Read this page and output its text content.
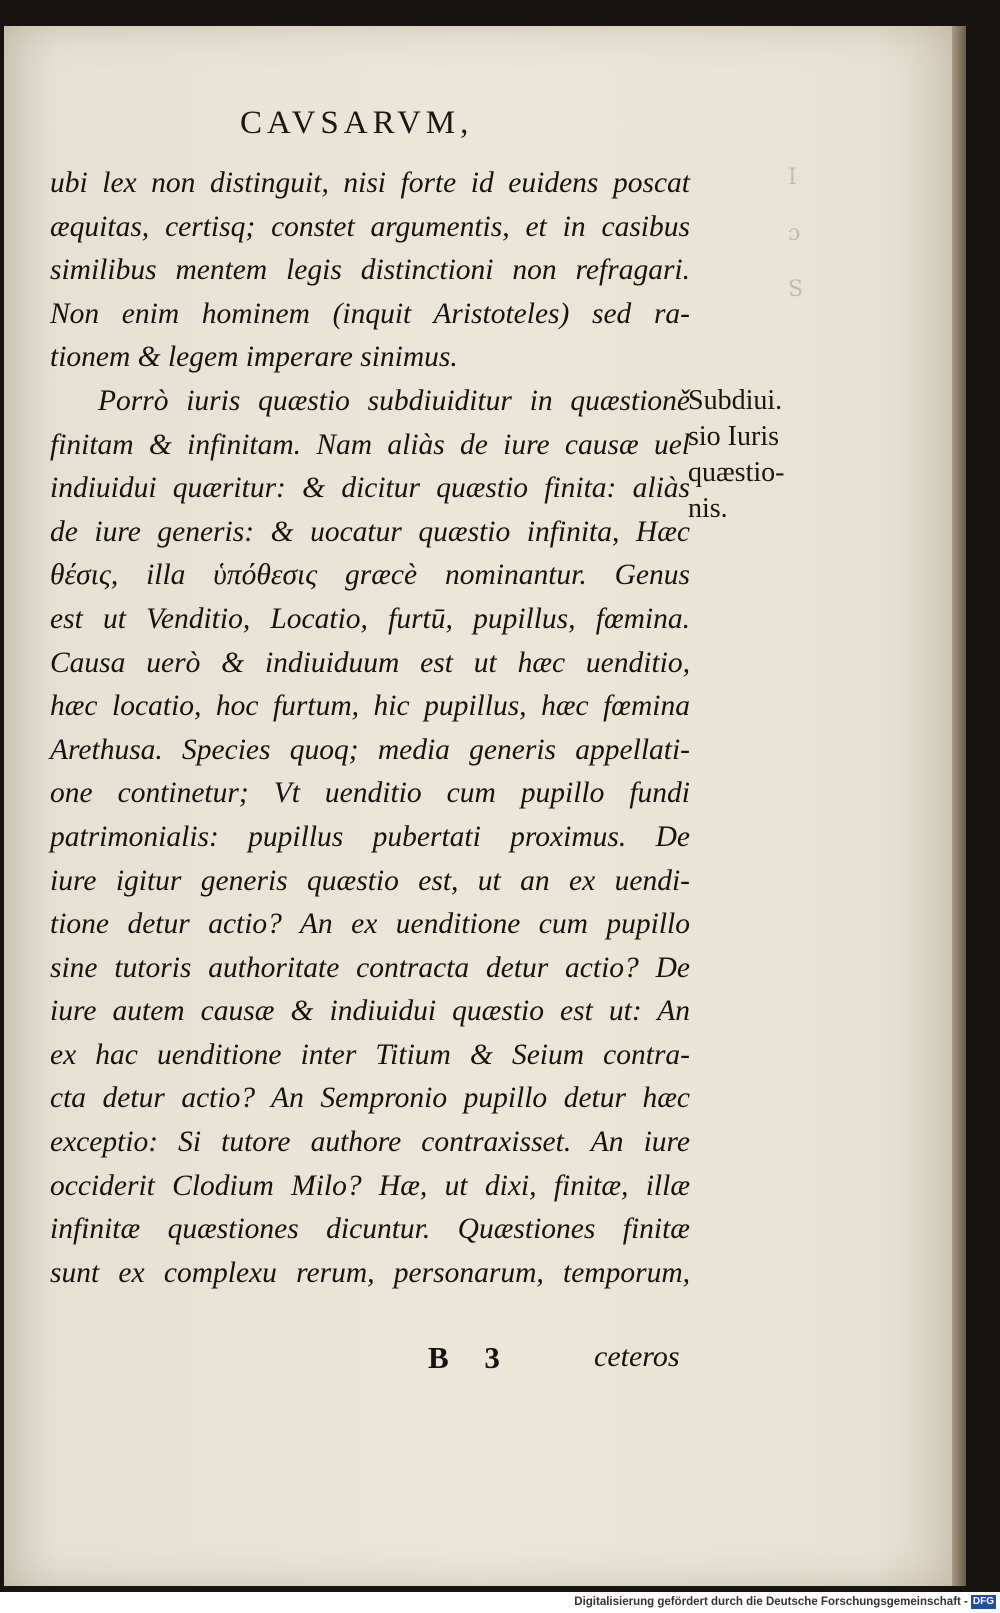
I
ɔ
S
CAVSARVM,
ubi lex non distinguit, nisi forte id euidens poscat
æquitas, certisq; constet argumentis, et in casibus
similibus mentem legis distinctioni non refragari.
Non enim hominem (inquit Aristoteles) sed ra-
tionem & legem imperare sinimus.
Porrò iuris quæstio subdiuiditur in quæstioně
finitam & infinitam. Nam aliàs de iure causæ uel
indiuidui quæritur: & dicitur quæstio finita: aliàs
de iure generis: & uocatur quæstio infinita, Hæc
θέσις, illa ὑπόθεσις græcè nominantur. Genus
est ut Venditio, Locatio, furtū, pupillus, fœmina.
Causa uerò & indiuiduum est ut hæc uenditio,
hæc locatio, hoc furtum, hic pupillus, hæc fœmina
Arethusa. Species quoq; media generis appellati-
one continetur; Vt uenditio cum pupillo fundi
patrimonialis: pupillus pubertati proximus. De
iure igitur generis quæstio est, ut an ex uendi-
tione detur actio? An ex uenditione cum pupillo
sine tutoris authoritate contracta detur actio? De
iure autem causæ & indiuidui quæstio est ut: An
ex hac uenditione inter Titium & Seium contra-
cta detur actio? An Sempronio pupillo detur hæc
exceptio: Si tutore authore contraxisset. An iure
occiderit Clodium Milo? Hæ, ut dixi, finitæ, illæ
infinitæ quæstiones dicuntur. Quæstiones finitæ
sunt ex complexu rerum, personarum, temporum,
Subdiui.
sio Iuris
quæstio-
nis.
B 3	ceteros
Digitalisierung gefördert durch die Deutsche Forschungsgemeinschaft - DFG
